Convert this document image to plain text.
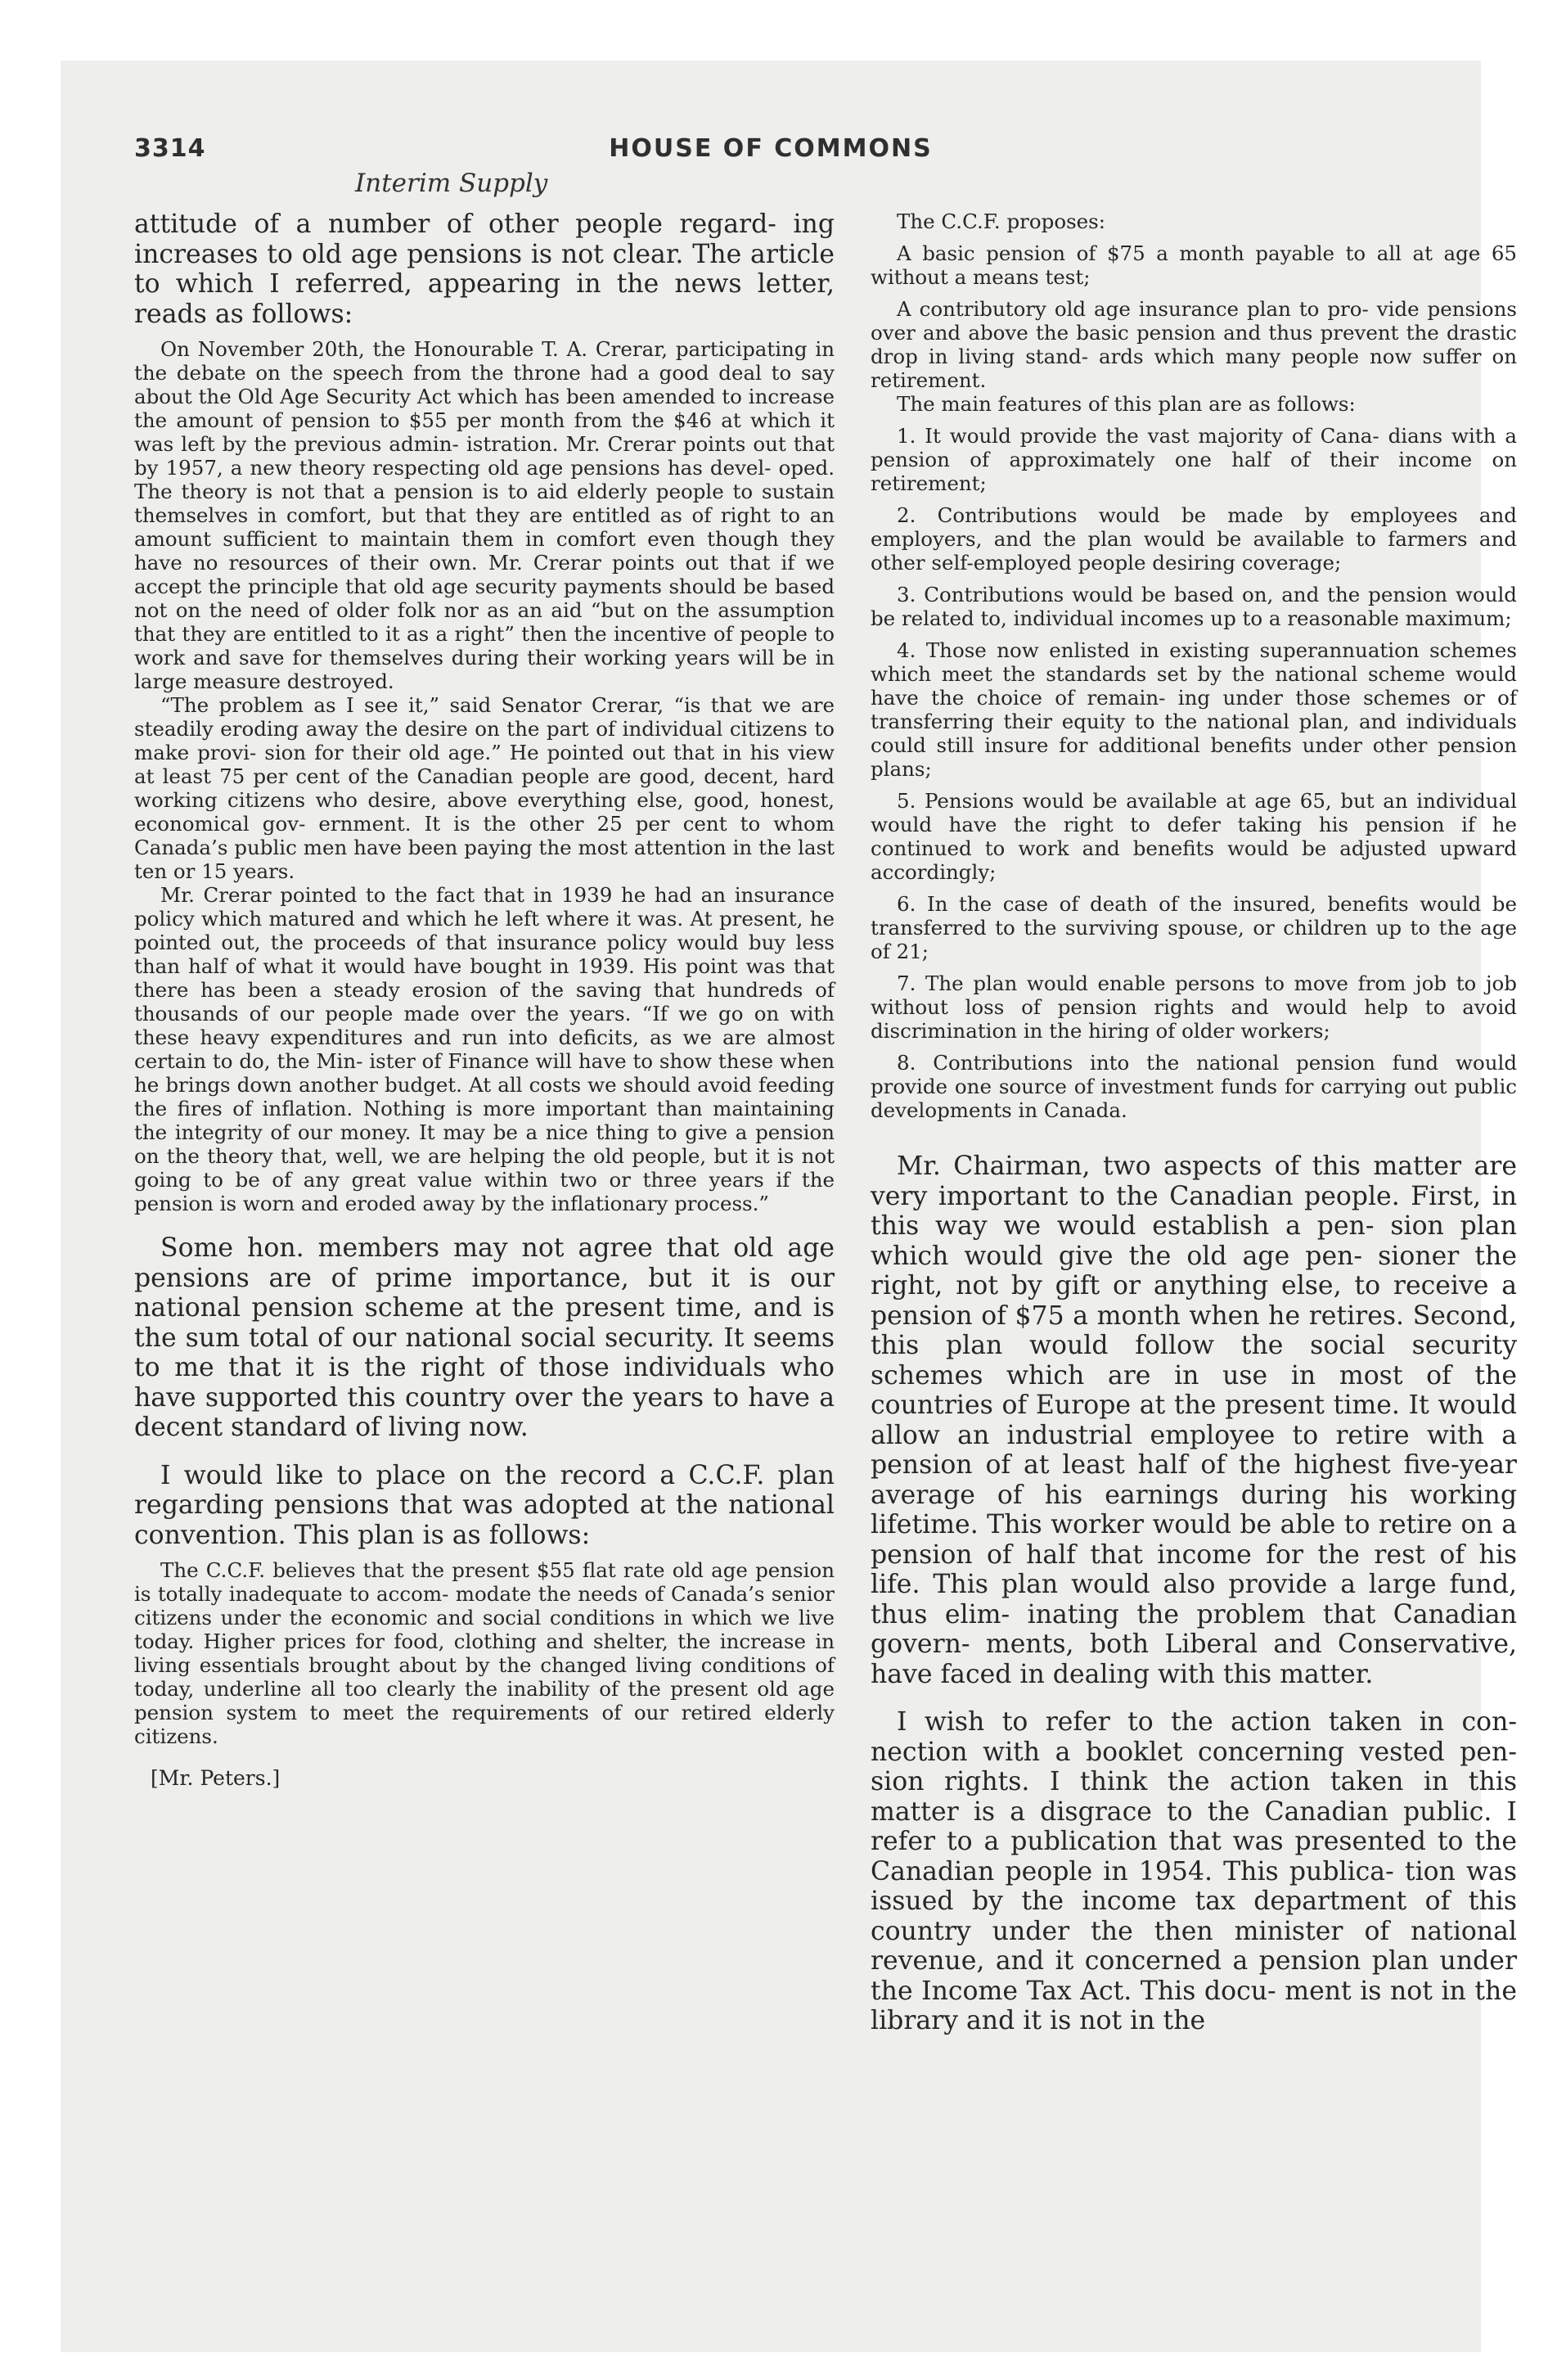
3314	HOUSE OF COMMONS
Interim Supply

attitude of a number of other people regard- ing increases to old age pensions is not clear. The article to which I referred, appearing in the news letter, reads as follows:

On November 20th, the Honourable T. A. Crerar, participating in the debate on the speech from the throne had a good deal to say about the Old Age Security Act which has been amended to increase the amount of pension to $55 per month from the $46 at which it was left by the previous admin- istration. Mr. Crerar points out that by 1957, a new theory respecting old age pensions has devel- oped. The theory is not that a pension is to aid elderly people to sustain themselves in comfort, but that they are entitled as of right to an amount sufficient to maintain them in comfort even though they have no resources of their own. Mr. Crerar points out that if we accept the principle that old age security payments should be based not on the need of older folk nor as an aid “but on the assumption that they are entitled to it as a right” then the incentive of people to work and save for themselves during their working years will be in large measure destroyed.

“The problem as I see it,” said Senator Crerar, “is that we are steadily eroding away the desire on the part of individual citizens to make provi- sion for their old age.” He pointed out that in his view at least 75 per cent of the Canadian people are good, decent, hard working citizens who desire, above everything else, good, honest, economical gov- ernment. It is the other 25 per cent to whom Canada’s public men have been paying the most attention in the last ten or 15 years.

Mr. Crerar pointed to the fact that in 1939 he had an insurance policy which matured and which he left where it was. At present, he pointed out, the proceeds of that insurance policy would buy less than half of what it would have bought in 1939. His point was that there has been a steady erosion of the saving that hundreds of thousands of our people made over the years. “If we go on with these heavy expenditures and run into deficits, as we are almost certain to do, the Min- ister of Finance will have to show these when he brings down another budget. At all costs we should avoid feeding the fires of inflation. Nothing is more important than maintaining the integrity of our money. It may be a nice thing to give a pension on the theory that, well, we are helping the old people, but it is not going to be of any great value within two or three years if the pension is worn and eroded away by the inflationary process.”

Some hon. members may not agree that old age pensions are of prime importance, but it is our national pension scheme at the present time, and is the sum total of our national social security. It seems to me that it is the right of those individuals who have supported this country over the years to have a decent standard of living now.

I would like to place on the record a C.C.F. plan regarding pensions that was adopted at the national convention. This plan is as follows:

The C.C.F. believes that the present $55 flat rate old age pension is totally inadequate to accom- modate the needs of Canada’s senior citizens under the economic and social conditions in which we live today. Higher prices for food, clothing and shelter, the increase in living essentials brought about by the changed living conditions of today, underline all too clearly the inability of the present old age pension system to meet the requirements of our retired elderly citizens.

[Mr. Peters.]

The C.C.F. proposes:

A basic pension of $75 a month payable to all at age 65 without a means test;

A contributory old age insurance plan to pro- vide pensions over and above the basic pension and thus prevent the drastic drop in living stand- ards which many people now suffer on retirement.

The main features of this plan are as follows:

1. It would provide the vast majority of Cana- dians with a pension of approximately one half of their income on retirement;

2. Contributions would be made by employees and employers, and the plan would be available to farmers and other self-employed people desiring coverage;

3. Contributions would be based on, and the pension would be related to, individual incomes up to a reasonable maximum;

4. Those now enlisted in existing superannuation schemes which meet the standards set by the national scheme would have the choice of remain- ing under those schemes or of transferring their equity to the national plan, and individuals could still insure for additional benefits under other pension plans;

5. Pensions would be available at age 65, but an individual would have the right to defer taking his pension if he continued to work and benefits would be adjusted upward accordingly;

6. In the case of death of the insured, benefits would be transferred to the surviving spouse, or children up to the age of 21;

7. The plan would enable persons to move from job to job without loss of pension rights and would help to avoid discrimination in the hiring of older workers;

8. Contributions into the national pension fund would provide one source of investment funds for carrying out public developments in Canada.

Mr. Chairman, two aspects of this matter are very important to the Canadian people. First, in this way we would establish a pen- sion plan which would give the old age pen- sioner the right, not by gift or anything else, to receive a pension of $75 a month when he retires. Second, this plan would follow the social security schemes which are in use in most of the countries of Europe at the present time. It would allow an industrial employee to retire with a pension of at least half of the highest five-year average of his earnings during his working lifetime. This worker would be able to retire on a pension of half that income for the rest of his life. This plan would also provide a large fund, thus elim- inating the problem that Canadian govern- ments, both Liberal and Conservative, have faced in dealing with this matter.

I wish to refer to the action taken in con- nection with a booklet concerning vested pen- sion rights. I think the action taken in this matter is a disgrace to the Canadian public. I refer to a publication that was presented to the Canadian people in 1954. This publica- tion was issued by the income tax department of this country under the then minister of national revenue, and it concerned a pension plan under the Income Tax Act. This docu- ment is not in the library and it is not in the
